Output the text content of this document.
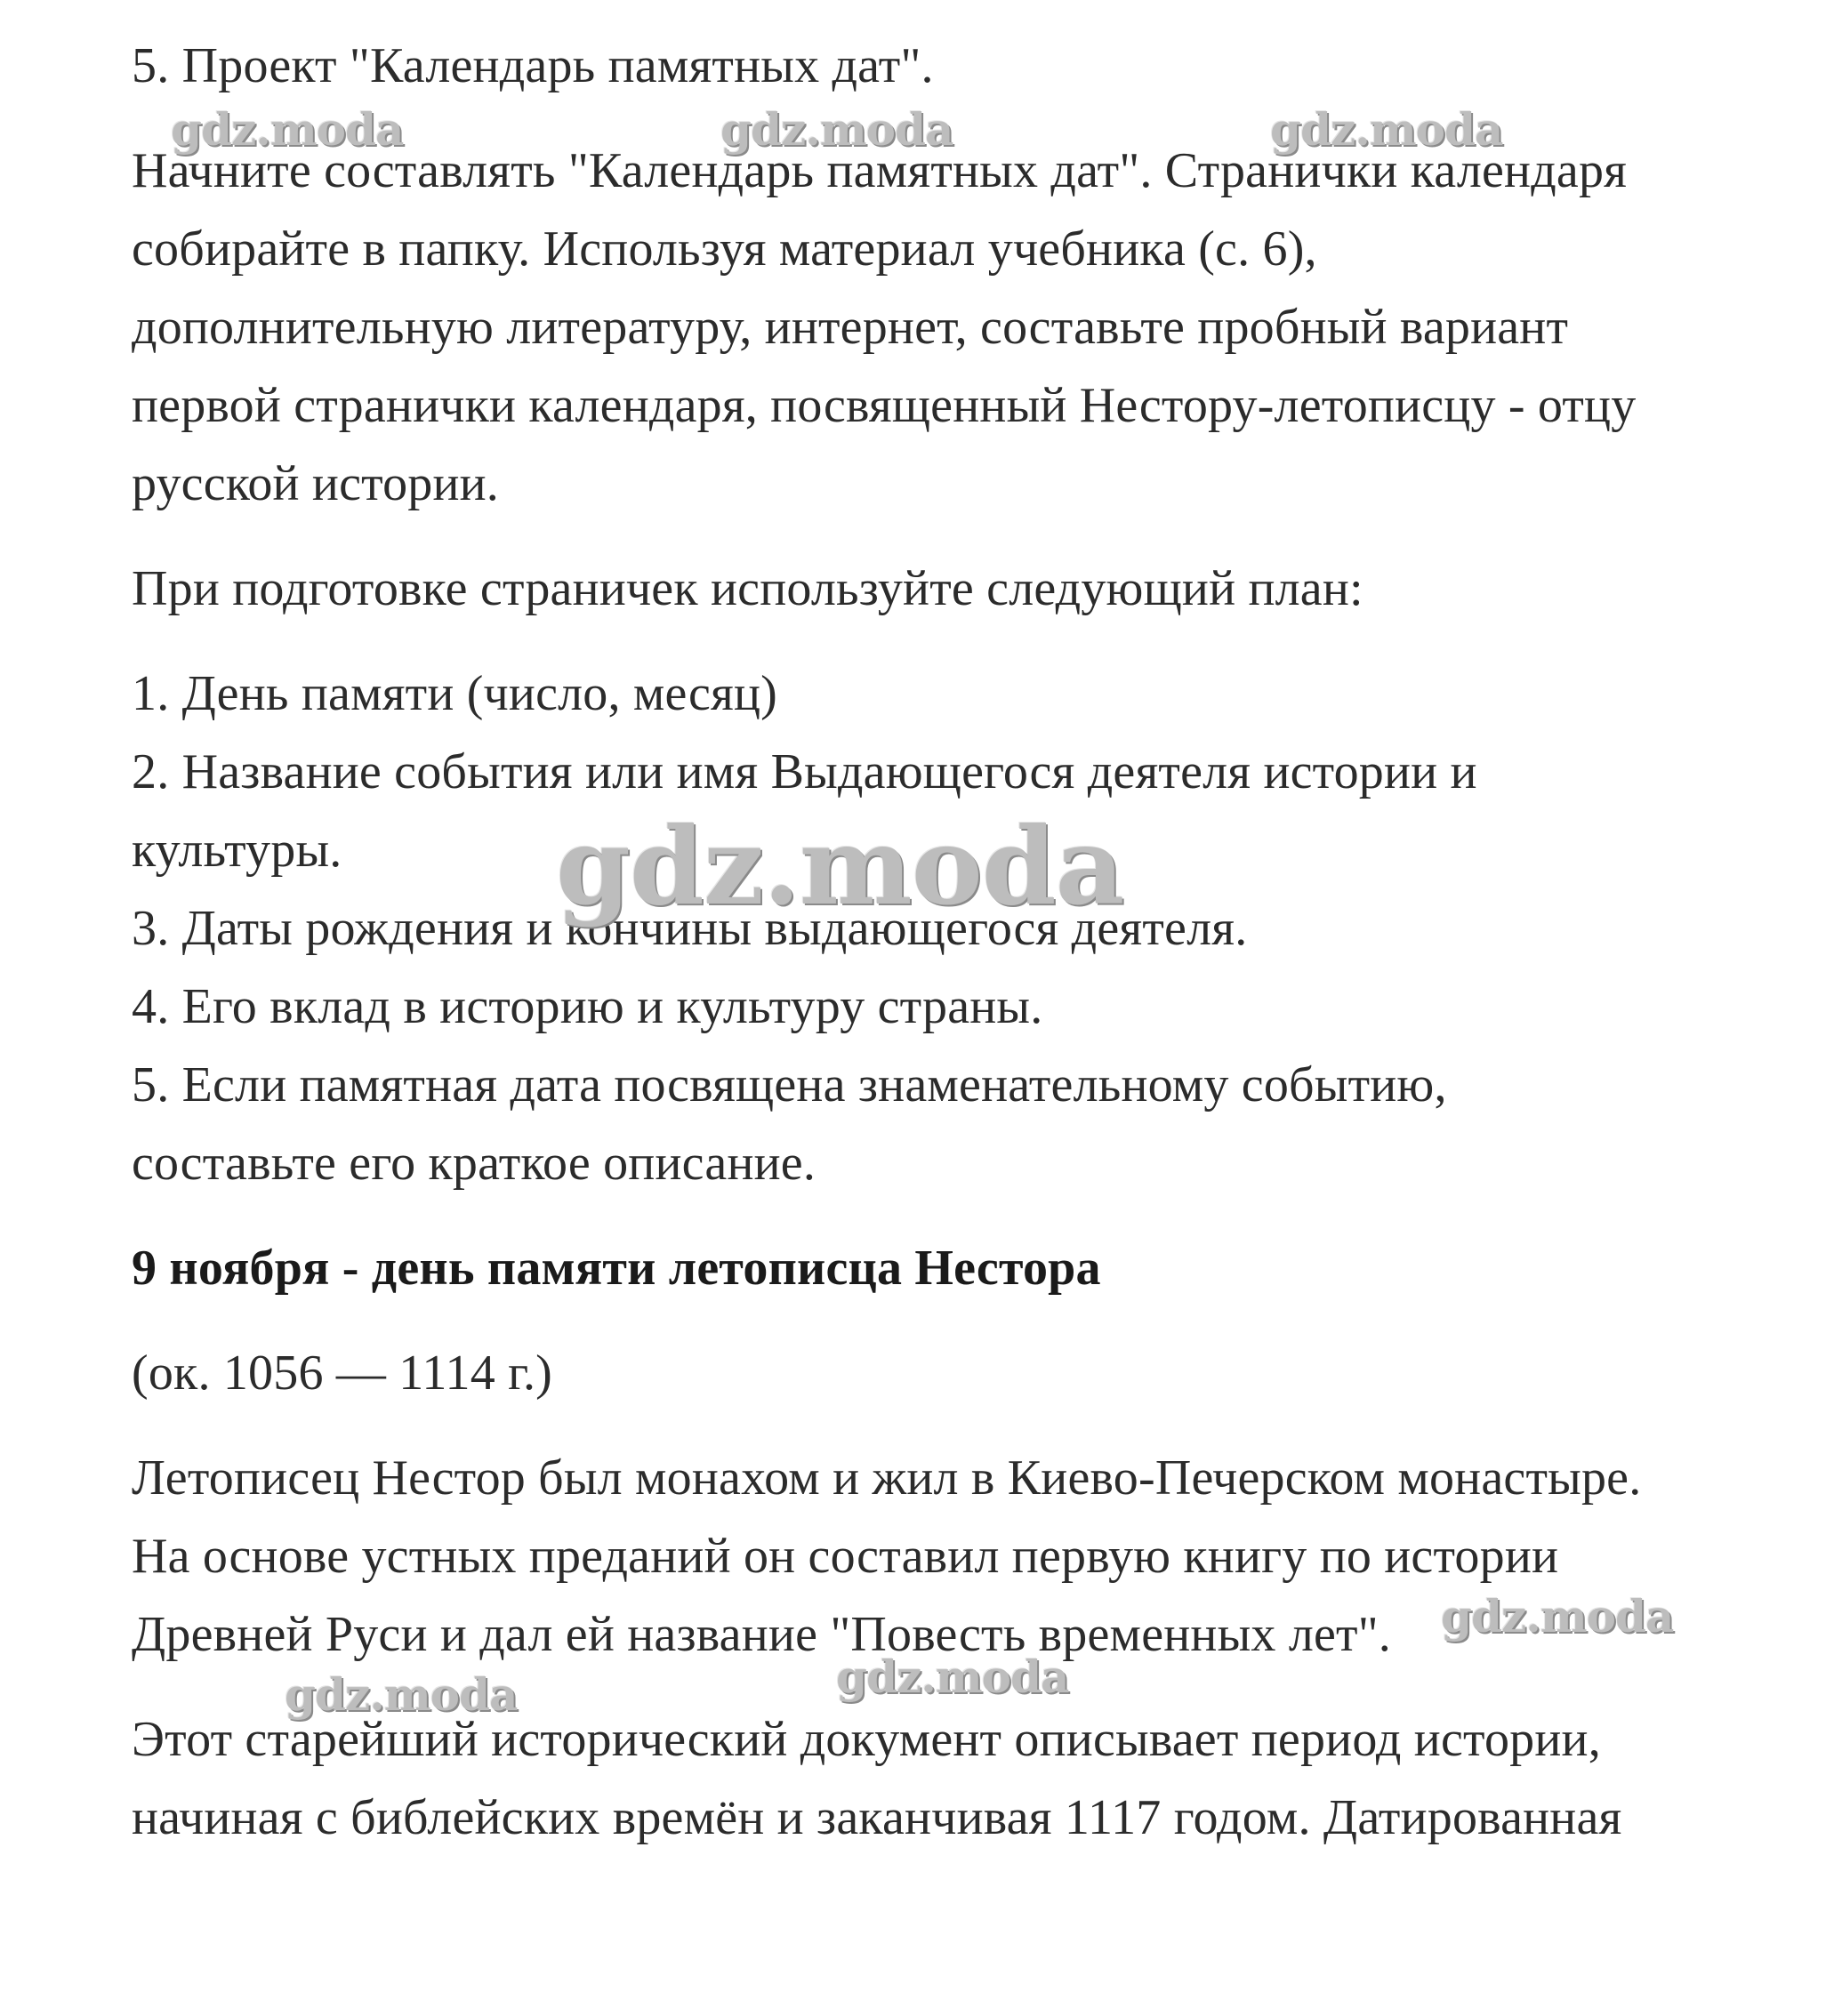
5. Проект "Календарь памятных дат".
Начните составлять "Календарь памятных дат". Странички календаря
собирайте в папку. Используя материал учебника (с. 6),
дополнительную литературу, интернет, составьте пробный вариант
первой странички календаря, посвященный Нестору-летописцу - отцу
русской истории.
При подготовке страничек используйте следующий план:
1. День памяти (число, месяц)
2. Название события или имя Выдающегося деятеля истории и
культуры.
3. Даты рождения и кончины выдающегося деятеля.
4. Его вклад в историю и культуру страны.
5. Если памятная дата посвящена знаменательному событию,
составьте его краткое описание.
9 ноября - день памяти летописца Нестора
(ок. 1056 — 1114 г.)
Летописец Нестор был монахом и жил в Киево-Печерском монастыре.
На основе устных преданий он составил первую книгу по истории
Древней Руси и дал ей название "Повесть временных лет".
Этот старейший исторический документ описывает период истории,
начиная с библейских времён и заканчивая 1117 годом. Датированная
gdz.moda	gdz.moda	gdz.moda
gdz.moda
gdz.moda
gdz.moda	gdz.moda
